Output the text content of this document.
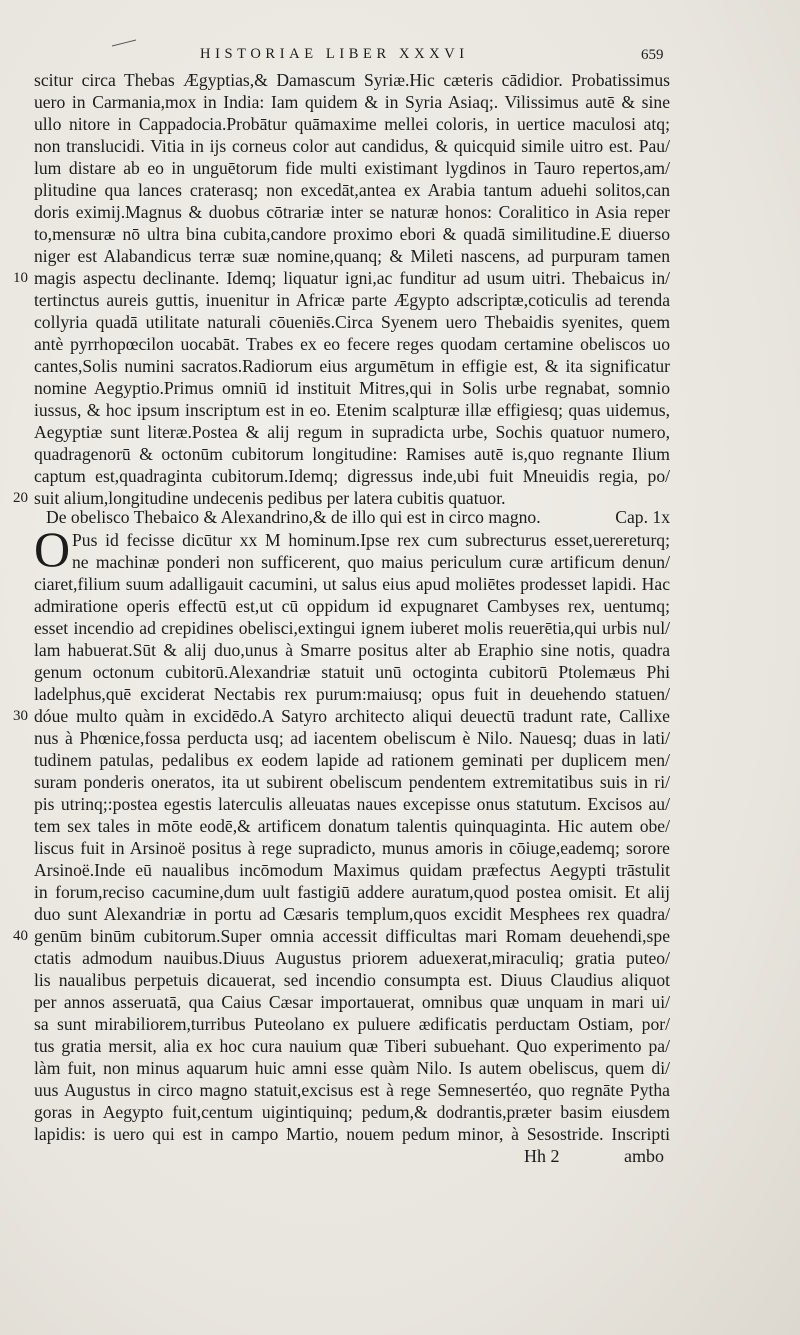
HISTORIAE LIBER XXXVI	659
scitur circa Thebas Ægyptias,& Damascum Syriæ.Hic cæteris cādidior. Probatissimus
uero in Carmania,mox in India: Iam quidem & in Syria Asiaq;. Vilissimus autē & sine
ullo nitore in Cappadocia.Probātur quāmaxime mellei coloris, in uertice maculosi atq;
non translucidi. Vitia in ijs corneus color aut candidus, & quicquid simile uitro est. Pau/
lum distare ab eo in unguētorum fide multi existimant lygdinos in Tauro repertos,am/
plitudine qua lances craterasq; non excedāt,antea ex Arabia tantum aduehi solitos,can
doris eximij.Magnus & duobus cōtrariæ inter se naturæ honos: Coralitico in Asia reper
to,mensuræ nō ultra bina cubita,candore proximo ebori & quadā similitudine.E diuerso
niger est Alabandicus terræ suæ nomine,quanq; & Mileti nascens, ad purpuram tamen
magis aspectu declinante. Idemq; liquatur igni,ac funditur ad usum uitri. Thebaicus in/
tertinctus aureis guttis, inuenitur in Africæ parte Ægypto adscriptæ,coticulis ad terenda
collyria quadā utilitate naturali cōueniēs.Circa Syenem uero Thebaidis syenites, quem
antè pyrrhopœcilon uocabāt. Trabes ex eo fecere reges quodam certamine obeliscos uo
cantes,Solis numini sacratos.Radiorum eius argumētum in effigie est, & ita significatur
nomine Aegyptio.Primus omniū id instituit Mitres,qui in Solis urbe regnabat, somnio
iussus, & hoc ipsum inscriptum est in eo. Etenim scalpturæ illæ effigiesq; quas uidemus,
Aegyptiæ sunt literæ.Postea & alij regum in supradicta urbe, Sochis quatuor numero,
quadragenorū & octonūm cubitorum longitudine: Ramises autē is,quo regnante Ilium
captum est,quadraginta cubitorum.Idemq; digressus inde,ubi fuit Mneuidis regia, po/
suit alium,longitudine undecenis pedibus per latera cubitis quatuor.
De obelisco Thebaico & Alexandrino,& de illo qui est in circo magno.	Cap. 1x
O Pus id fecisse dicūtur xx M hominum.Ipse rex cum subrecturus esset,uerereturq;
ne machinæ ponderi non sufficerent, quo maius periculum curæ artificum denun/
ciaret,filium suum adalligauit cacumini, ut salus eius apud moliētes prodesset lapidi. Hac
admiratione operis effectū est,ut cū oppidum id expugnaret Cambyses rex, uentumq;
esset incendio ad crepidines obelisci,extingui ignem iuberet molis reuerētia,qui urbis nul/
lam habuerat.Sūt & alij duo,unus à Smarre positus alter ab Eraphio sine notis, quadra
genum octonum cubitorū.Alexandriæ statuit unū octoginta cubitorū Ptolemæus Phi
ladelphus,quē exciderat Nectabis rex purum:maiusq; opus fuit in deuehendo statuen/
dóue multo quàm in excidēdo.A Satyro architecto aliqui deuectū tradunt rate, Callixe
nus à Phœnice,fossa perducta usq; ad iacentem obeliscum è Nilo. Nauesq; duas in lati/
tudinem patulas, pedalibus ex eodem lapide ad rationem geminati per duplicem men/
suram ponderis oneratos, ita ut subirent obeliscum pendentem extremitatibus suis in ri/
pis utrinq;:postea egestis laterculis alleuatas naues excepisse onus statutum. Excisos au/
tem sex tales in mōte eodē,& artificem donatum talentis quinquaginta. Hic autem obe/
liscus fuit in Arsinoë positus à rege supradicto, munus amoris in cōiuge,eademq; sorore
Arsinoë.Inde eū naualibus incōmodum Maximus quidam præfectus Aegypti trāstulit
in forum,reciso cacumine,dum uult fastigiū addere auratum,quod postea omisit. Et alij
duo sunt Alexandriæ in portu ad Cæsaris templum,quos excidit Mesphees rex quadra/
genūm binūm cubitorum.Super omnia accessit difficultas mari Romam deuehendi,spe
ctatis admodum nauibus.Diuus Augustus priorem aduexerat,miraculiq; gratia puteo/
lis naualibus perpetuis dicauerat, sed incendio consumpta est. Diuus Claudius aliquot
per annos asseruatā, qua Caius Cæsar importauerat, omnibus quæ unquam in mari ui/
sa sunt mirabiliorem,turribus Puteolano ex puluere ædificatis perductam Ostiam, por/
tus gratia mersit, alia ex hoc cura nauium quæ Tiberi subuehant. Quo experimento pa/
làm fuit, non minus aquarum huic amni esse quàm Nilo. Is autem obeliscus, quem di/
uus Augustus in circo magno statuit,excisus est à rege Semnesertéo, quo regnāte Pytha
goras in Aegypto fuit,centum uigintiquinq; pedum,& dodrantis,præter basim eiusdem
lapidis: is uero qui est in campo Martio, nouem pedum minor, à Sesostride. Inscripti
10
20
30
40
Hh 2	ambo
